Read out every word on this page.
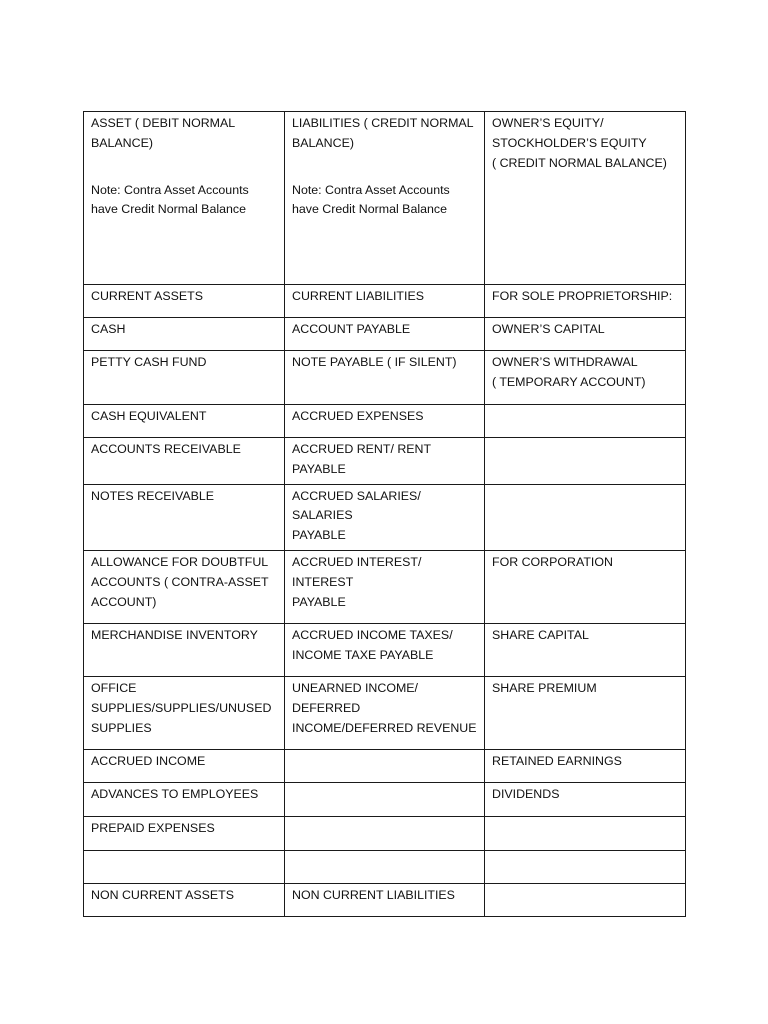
ASSET ( DEBIT NORMAL
BALANCE)
Note: Contra Asset Accounts
have Credit Normal Balance	LIABILITIES ( CREDIT NORMAL
BALANCE)
Note: Contra Asset Accounts
have Credit Normal Balance	OWNER’S EQUITY/
STOCKHOLDER’S EQUITY
( CREDIT NORMAL BALANCE)

CURRENT ASSETS	CURRENT LIABILITIES	FOR SOLE PROPRIETORSHIP:

CASH	ACCOUNT PAYABLE	OWNER’S CAPITAL

PETTY CASH FUND	NOTE PAYABLE ( IF SILENT)	OWNER’S WITHDRAWAL
( TEMPORARY ACCOUNT)

CASH EQUIVALENT	ACCRUED EXPENSES	

ACCOUNTS RECEIVABLE	ACCRUED RENT/ RENT PAYABLE	

NOTES RECEIVABLE	ACCRUED SALARIES/ SALARIES
PAYABLE	

ALLOWANCE FOR DOUBTFUL
ACCOUNTS ( CONTRA-ASSET
ACCOUNT)	ACCRUED INTEREST/ INTEREST
PAYABLE	FOR CORPORATION

MERCHANDISE INVENTORY	ACCRUED INCOME TAXES/
INCOME TAXE PAYABLE	SHARE CAPITAL

OFFICE
SUPPLIES/SUPPLIES/UNUSED
SUPPLIES	UNEARNED INCOME/ DEFERRED
INCOME/DEFERRED REVENUE	SHARE PREMIUM

ACCRUED INCOME		RETAINED EARNINGS

ADVANCES TO EMPLOYEES		DIVIDENDS

PREPAID EXPENSES		

NON CURRENT ASSETS	NON CURRENT LIABILITIES	
